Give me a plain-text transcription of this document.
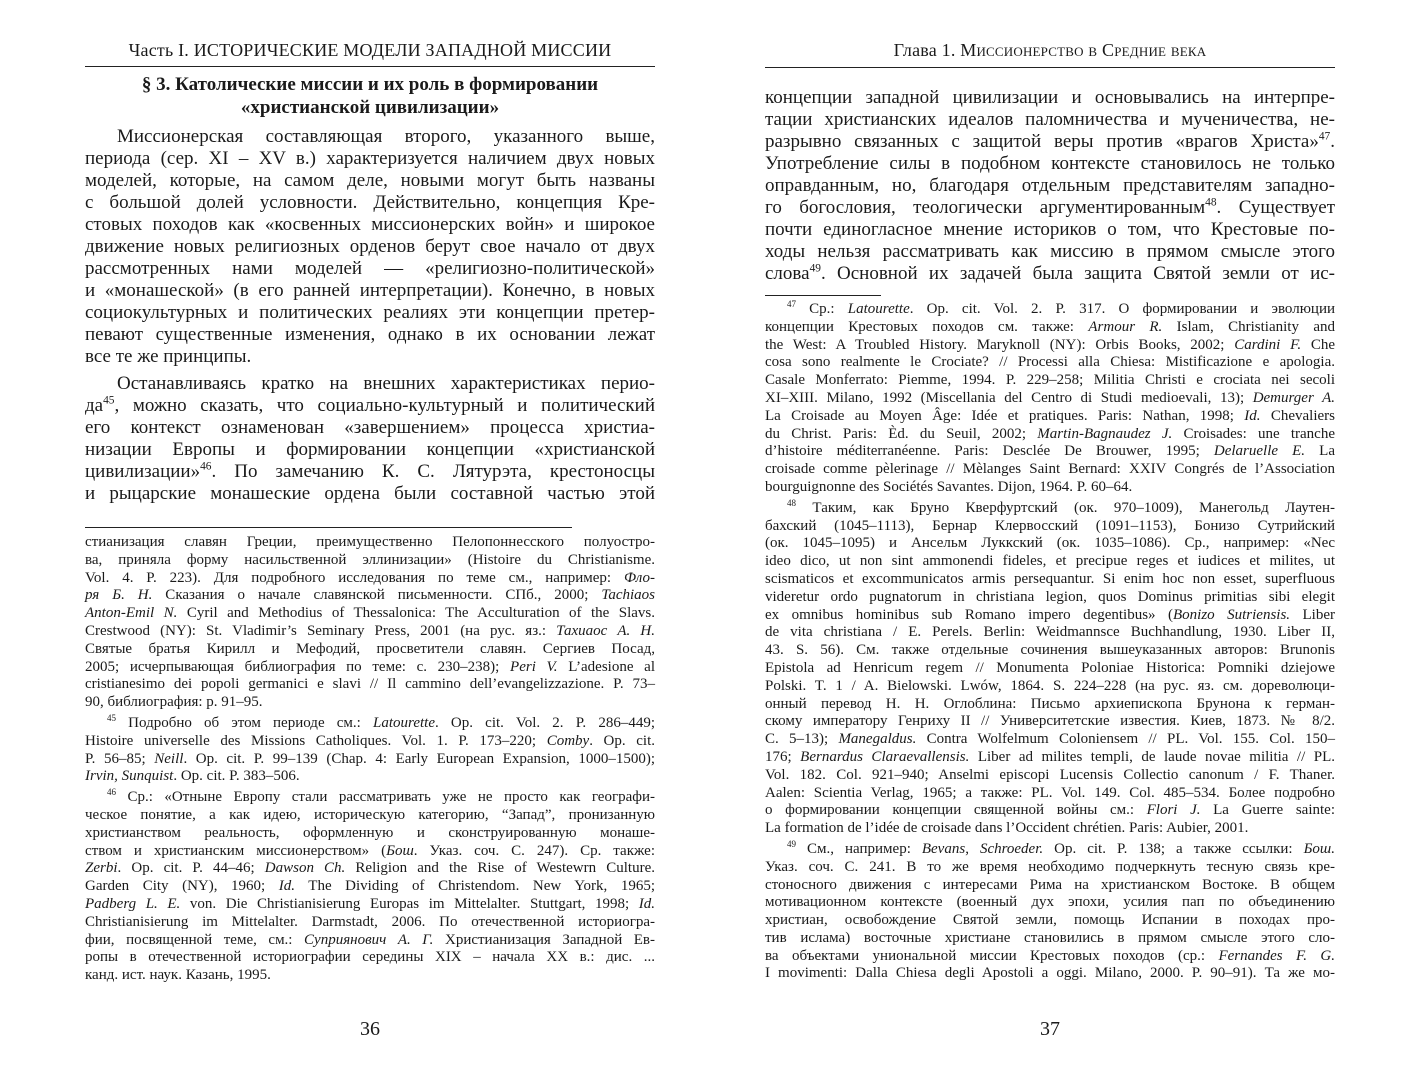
Часть I. ИСТОРИЧЕСКИЕ МОДЕЛИ ЗАПАДНОЙ МИССИИ
§ 3. Католические миссии и их роль в формировании
«христианской цивилизации»
Миссионерская составляющая второго, указанного выше,
периода (сер. XI – XV в.) характеризуется наличием двух новых
моделей, которые, на самом деле, новыми могут быть названы
с большой долей условности. Действительно, концепция Кре-
стовых походов как «косвенных миссионерских войн» и широкое
движение новых религиозных орденов берут свое начало от двух
рассмотренных нами моделей — «религиозно-политической»
и «монашеской» (в его ранней интерпретации). Конечно, в новых
социокультурных и политических реалиях эти концепции претер-
певают существенные изменения, однако в их основании лежат
все те же принципы.
Останавливаясь кратко на внешних характеристиках перио-
$да^{45}$, можно сказать, что социально-культурный и политический
его контекст ознаменован «завершением» процесса христиа-
низации Европы и формировании концепции «христианской
цивилизации»$^{46}$. По замечанию К. С. Лятурэта, крестоносцы
и рыцарские монашеские ордена были составной частью этой
стианизация славян Греции, преимущественно Пелопоннесского полуостро-
ва, приняла форму насильственной эллинизации» (Histoire du Christianisme.
Vol. 4. P. 223). Для подробного исследования по теме см., например: Фло-
ря Б. Н. Сказания о начале славянской письменности. СПб., 2000; Tachiaos
Anton-Emil N. Cyril and Methodius of Thessalonica: The Acculturation of the Slavs.
Crestwood (NY): St. Vladimir’s Seminary Press, 2001 (на рус. яз.: Тахиаос А. Н.
Святые братья Кирилл и Мефодий, просветители славян. Сергиев Посад,
2005; исчерпывающая библиография по теме: с. 230–238); Peri V. L’adesione al
cristianesimo dei popoli germanici e slavi // Il cammino dell’evangelizzazione. P. 73–
90, библиография: p. 91–95.
$^{45}$ Подробно об этом периоде см.: Latourette. Op. cit. Vol. 2. P. 286–449;
Histoire universelle des Missions Catholiques. Vol. 1. P. 173–220; Comby. Op. cit.
P. 56–85; Neill. Op. cit. P. 99–139 (Chap. 4: Early European Expansion, 1000–1500);
Irvin, Sunquist. Op. cit. P. 383–506.
$^{46}$ Ср.: «Отныне Европу стали рассматривать уже не просто как географи-
ческое понятие, а как идею, историческую категорию, “Запад”, пронизанную
христианством реальность, оформленную и сконструированную монаше-
ством и христианским миссионерством» (Бош. Указ. соч. С. 247). Ср. также:
Zerbi. Op. cit. P. 44–46; Dawson Ch. Religion and the Rise of Westewrn Culture.
Garden City (NY), 1960; Id. The Dividing of Christendom. New York, 1965;
Padberg L. E. von. Die Christianisierung Europas im Mittelalter. Stuttgart, 1998; Id.
Christianisierung im Mittelalter. Darmstadt, 2006. По отечественной историогра-
фии, посвященной теме, см.: Суприянович А. Г. Христианизация Западной Ев-
ропы в отечественной историографии середины XIX – начала XX в.: дис. ...
канд. ист. наук. Казань, 1995.
36
Глава 1. Миссионерство в Средние века
концепции западной цивилизации и основывались на интерпре-
тации христианских идеалов паломничества и мученичества, не-
разрывно связанных с защитой веры против «врагов Христа»$^{47}$.
Употребление силы в подобном контексте становилось не только
оправданным, но, благодаря отдельным представителям западно-
го богословия, теологически аргументированным$^{48}$. Существует
почти единогласное мнение историков о том, что Крестовые по-
ходы нельзя рассматривать как миссию в прямом смысле этого
слова$^{49}$. Основной их задачей была защита Святой земли от ис-
$^{47}$ Ср.: Latourette. Op. cit. Vol. 2. P. 317. О формировании и эволюции
концепции Крестовых походов см. также: Armour R. Islam, Christianity and
the West: A Troubled History. Maryknoll (NY): Orbis Books, 2002; Cardini F. Che
cosa sono realmente le Crociate? // Processi alla Chiesa: Mistificazione e apologia.
Casale Monferrato: Piemme, 1994. P. 229–258; Militia Christi e crociata nei secoli
XI–XIII. Milano, 1992 (Miscellania del Centro di Studi medioevali, 13); Demurger A.
La Croisade au Moyen Âge: Idée et pratiques. Paris: Nathan, 1998; Id. Chevaliers
du Christ. Paris: Èd. du Seuil, 2002; Martin-Bagnaudez J. Croisades: une tranche
d’histoire méditerranéenne. Paris: Desclée De Brouwer, 1995; Delaruelle E. La
croisade comme pèlerinage // Mèlanges Saint Bernard: XXIV Congrés de l’Association
bourguignonne des Sociétés Savantes. Dijon, 1964. P. 60–64.
$^{48}$ Таким, как Бруно Кверфуртский (ок. 970–1009), Манегольд Лаутен-
бахский (1045–1113), Бернар Клервосский (1091–1153), Бонизо Сутрийский
(ок. 1045–1095) и Ансельм Луккский (ок. 1035–1086). Ср., например: «Nec
ideo dico, ut non sint ammonendi fideles, et precipue reges et iudices et milites, ut
scismaticos et excommunicatos armis persequantur. Si enim hoc non esset, superfluous
videretur ordo pugnatorum in christiana legion, quos Dominus primitias sibi elegit
ex omnibus hominibus sub Romano impero degentibus» (Bonizo Sutriensis. Liber
de vita christiana / E. Perels. Berlin: Weidmannsce Buchhandlung, 1930. Liber II,
43. S. 56). См. также отдельные сочинения вышеуказанных авторов: Brunonis
Epistola ad Henricum regem // Monumenta Poloniae Historica: Pomniki dziejowe
Polski. T. 1 / A. Bielowski. Lwów, 1864. S. 224–228 (на рус. яз. см. дореволюци-
онный перевод Н. Н. Оглоблина: Письмо архиепископа Брунона к герман-
скому императору Генриху II // Университетские известия. Киев, 1873. № 8/2.
С. 5–13); Manegaldus. Contra Wolfelmum Coloniensem // PL. Vol. 155. Col. 150–
176; Bernardus Claraevallensis. Liber ad milites templi, de laude novae militia // PL.
Vol. 182. Col. 921–940; Anselmi episcopi Lucensis Collectio canonum / F. Thaner.
Aalen: Scientia Verlag, 1965; а также: PL. Vol. 149. Col. 485–534. Более подробно
о формировании концепции священной войны см.: Flori J. La Guerre sainte:
La formation de l’idée de croisade dans l’Occident chrétien. Paris: Aubier, 2001.
$^{49}$ См., например: Bevans, Schroeder. Op. cit. P. 138; а также ссылки: Бош.
Указ. соч. С. 241. В то же время необходимо подчеркнуть тесную связь кре-
стоносного движения с интересами Рима на христианском Востоке. В общем
мотивационном контексте (военный дух эпохи, усилия пап по объединению
христиан, освобождение Святой земли, помощь Испании в походах про-
тив ислама) восточные христиане становились в прямом смысле этого сло-
ва объектами униональной миссии Крестовых походов (ср.: Fernandes F. G.
I movimenti: Dalla Chiesa degli Apostoli a oggi. Milano, 2000. P. 90–91). Та же мо-
37
